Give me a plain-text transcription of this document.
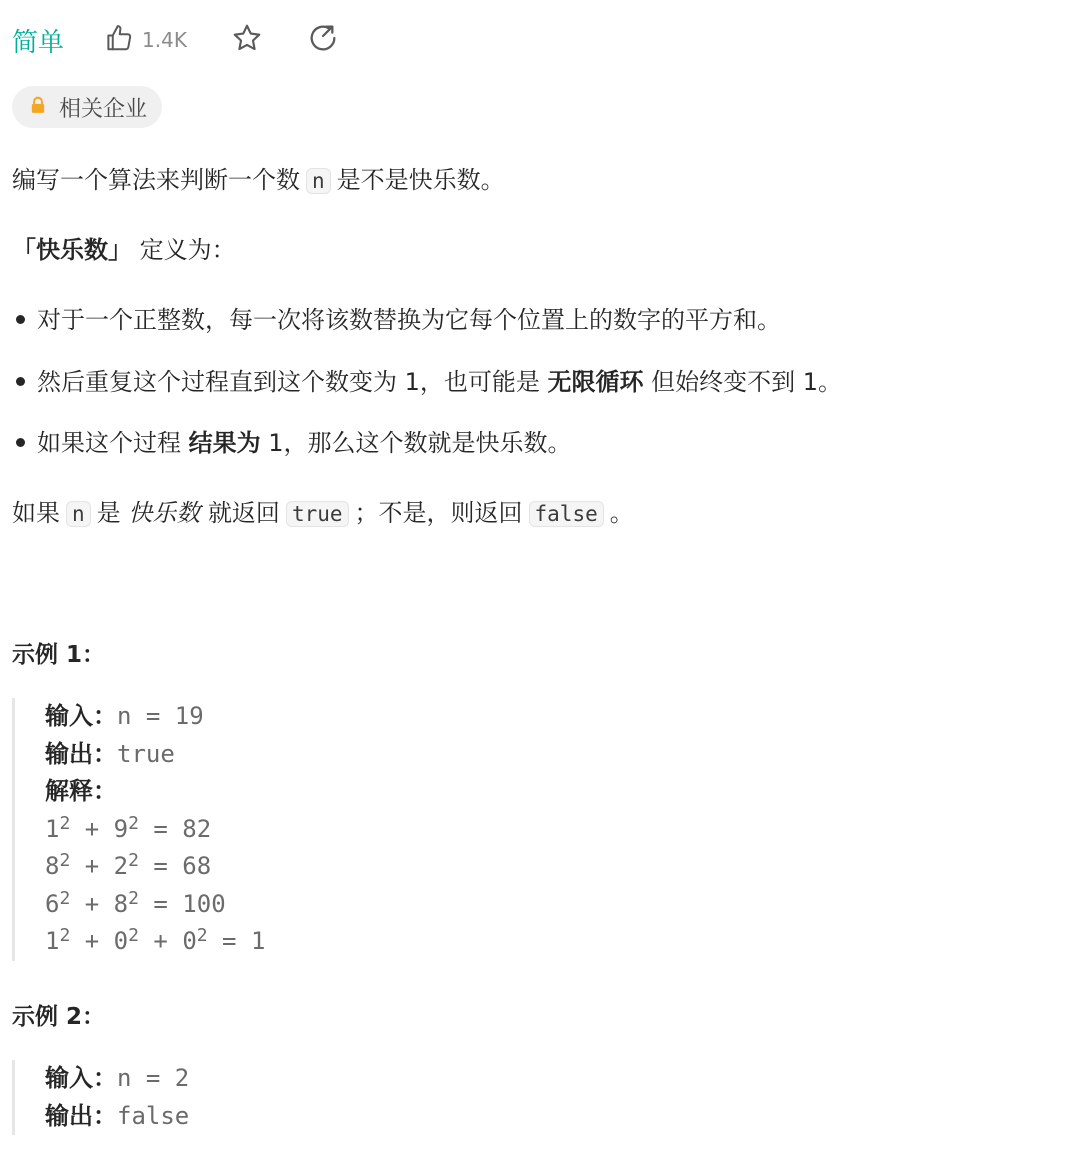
简单	1.4K
相关企业
编写一个算法来判断一个数 n 是不是快乐数。
「快乐数」 定义为：
对于一个正整数，每一次将该数替换为它每个位置上的数字的平方和。
然后重复这个过程直到这个数变为 1，也可能是 无限循环 但始终变不到 1。
如果这个过程 结果为 1，那么这个数就是快乐数。
如果 n 是 快乐数 就返回 true ；不是，则返回 false 。
示例 1：
输入：n = 19
输出：true
解释：
$1^2 + 9^2 = 82$
$8^2 + 2^2 = 68$
$6^2 + 8^2 = 100$
$1^2 + 0^2 + 0^2 = 1$
示例 2：
输入：n = 2
输出：false
